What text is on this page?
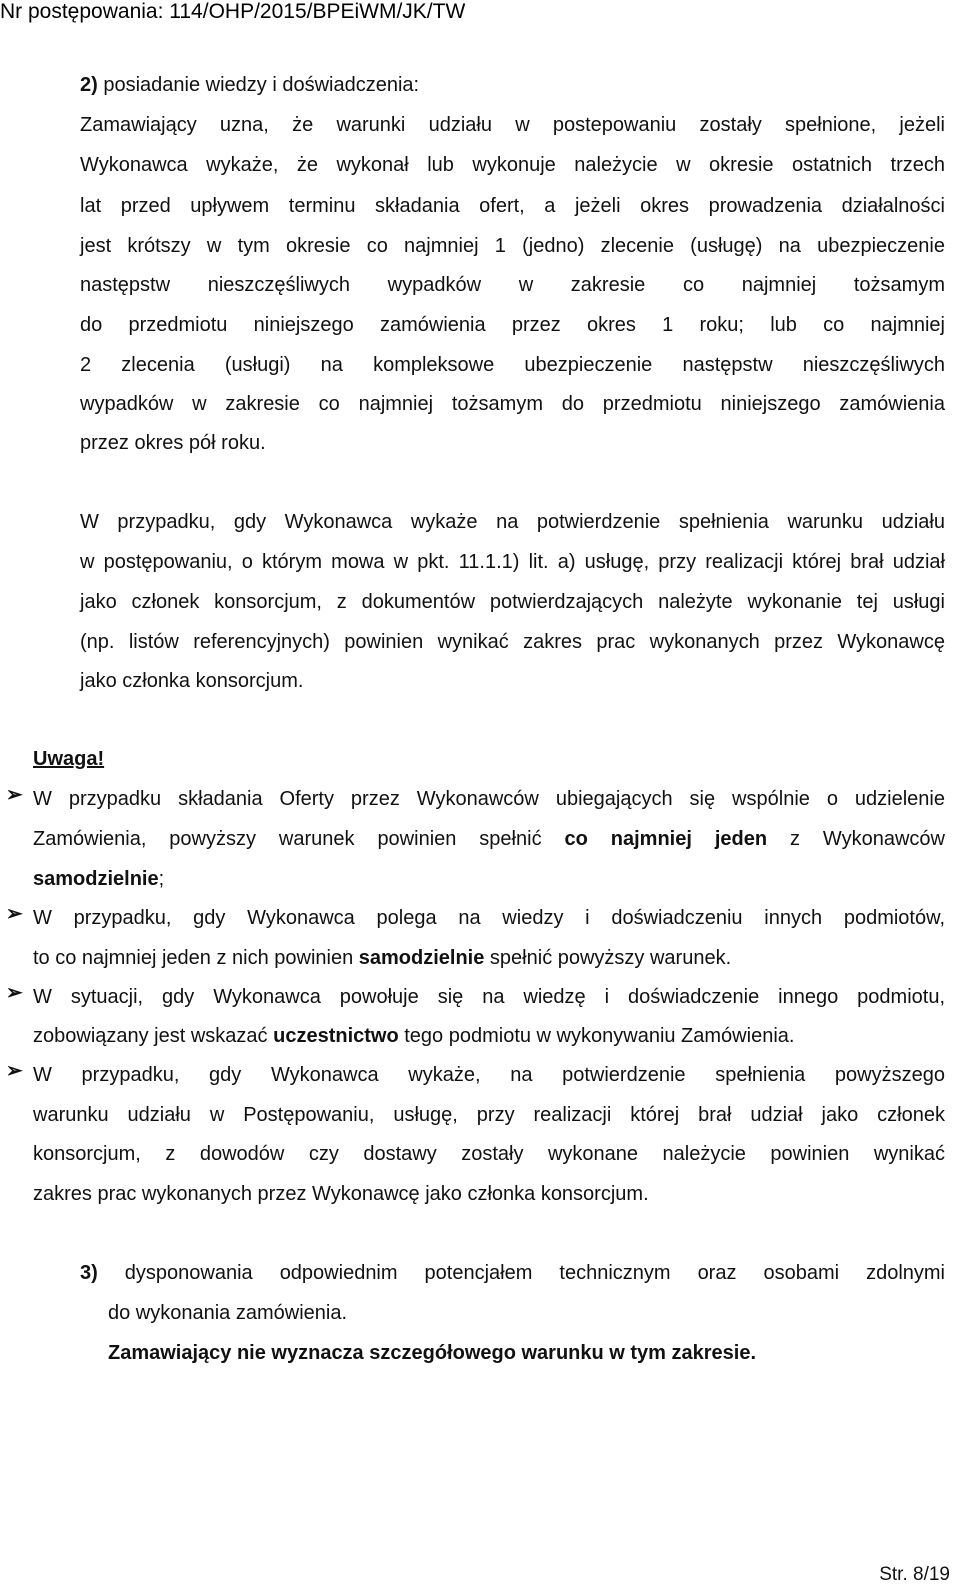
Nr postępowania: 114/OHP/2015/BPEiWM/JK/TW
2) posiadanie wiedzy i doświadczenia:
Zamawiający uzna, że warunki udziału w postepowaniu zostały spełnione, jeżeli
Wykonawca wykaże, że wykonał lub wykonuje należycie w okresie ostatnich trzech
lat przed upływem terminu składania ofert, a jeżeli okres prowadzenia działalności
jest krótszy w tym okresie co najmniej 1 (jedno) zlecenie (usługę) na ubezpieczenie
następstw nieszczęśliwych wypadków w zakresie co najmniej tożsamym
do przedmiotu niniejszego zamówienia przez okres 1 roku; lub co najmniej
2 zlecenia (usługi) na kompleksowe ubezpieczenie następstw nieszczęśliwych
wypadków w zakresie co najmniej tożsamym do przedmiotu niniejszego zamówienia
przez okres pół roku.
W przypadku, gdy Wykonawca wykaże na potwierdzenie spełnienia warunku udziału
w postępowaniu, o którym mowa w pkt. 11.1.1) lit. a) usługę, przy realizacji której brał udział
jako członek konsorcjum, z dokumentów potwierdzających należyte wykonanie tej usługi
(np. listów referencyjnych) powinien wynikać zakres prac wykonanych przez Wykonawcę
jako członka konsorcjum.
Uwaga!
➢ W przypadku składania Oferty przez Wykonawców ubiegających się wspólnie o udzielenie
Zamówienia, powyższy warunek powinien spełnić co najmniej jeden z Wykonawców
samodzielnie;
➢ W przypadku, gdy Wykonawca polega na wiedzy i doświadczeniu innych podmiotów,
to co najmniej jeden z nich powinien samodzielnie spełnić powyższy warunek.
➢ W sytuacji, gdy Wykonawca powołuje się na wiedzę i doświadczenie innego podmiotu,
zobowiązany jest wskazać uczestnictwo tego podmiotu w wykonywaniu Zamówienia.
➢ W przypadku, gdy Wykonawca wykaże, na potwierdzenie spełnienia powyższego
warunku udziału w Postępowaniu, usługę, przy realizacji której brał udział jako członek
konsorcjum, z dowodów czy dostawy zostały wykonane należycie powinien wynikać
zakres prac wykonanych przez Wykonawcę jako członka konsorcjum.
3) dysponowania odpowiednim potencjałem technicznym oraz osobami zdolnymi
do wykonania zamówienia.
Zamawiający nie wyznacza szczegółowego warunku w tym zakresie.
Str. 8/19
